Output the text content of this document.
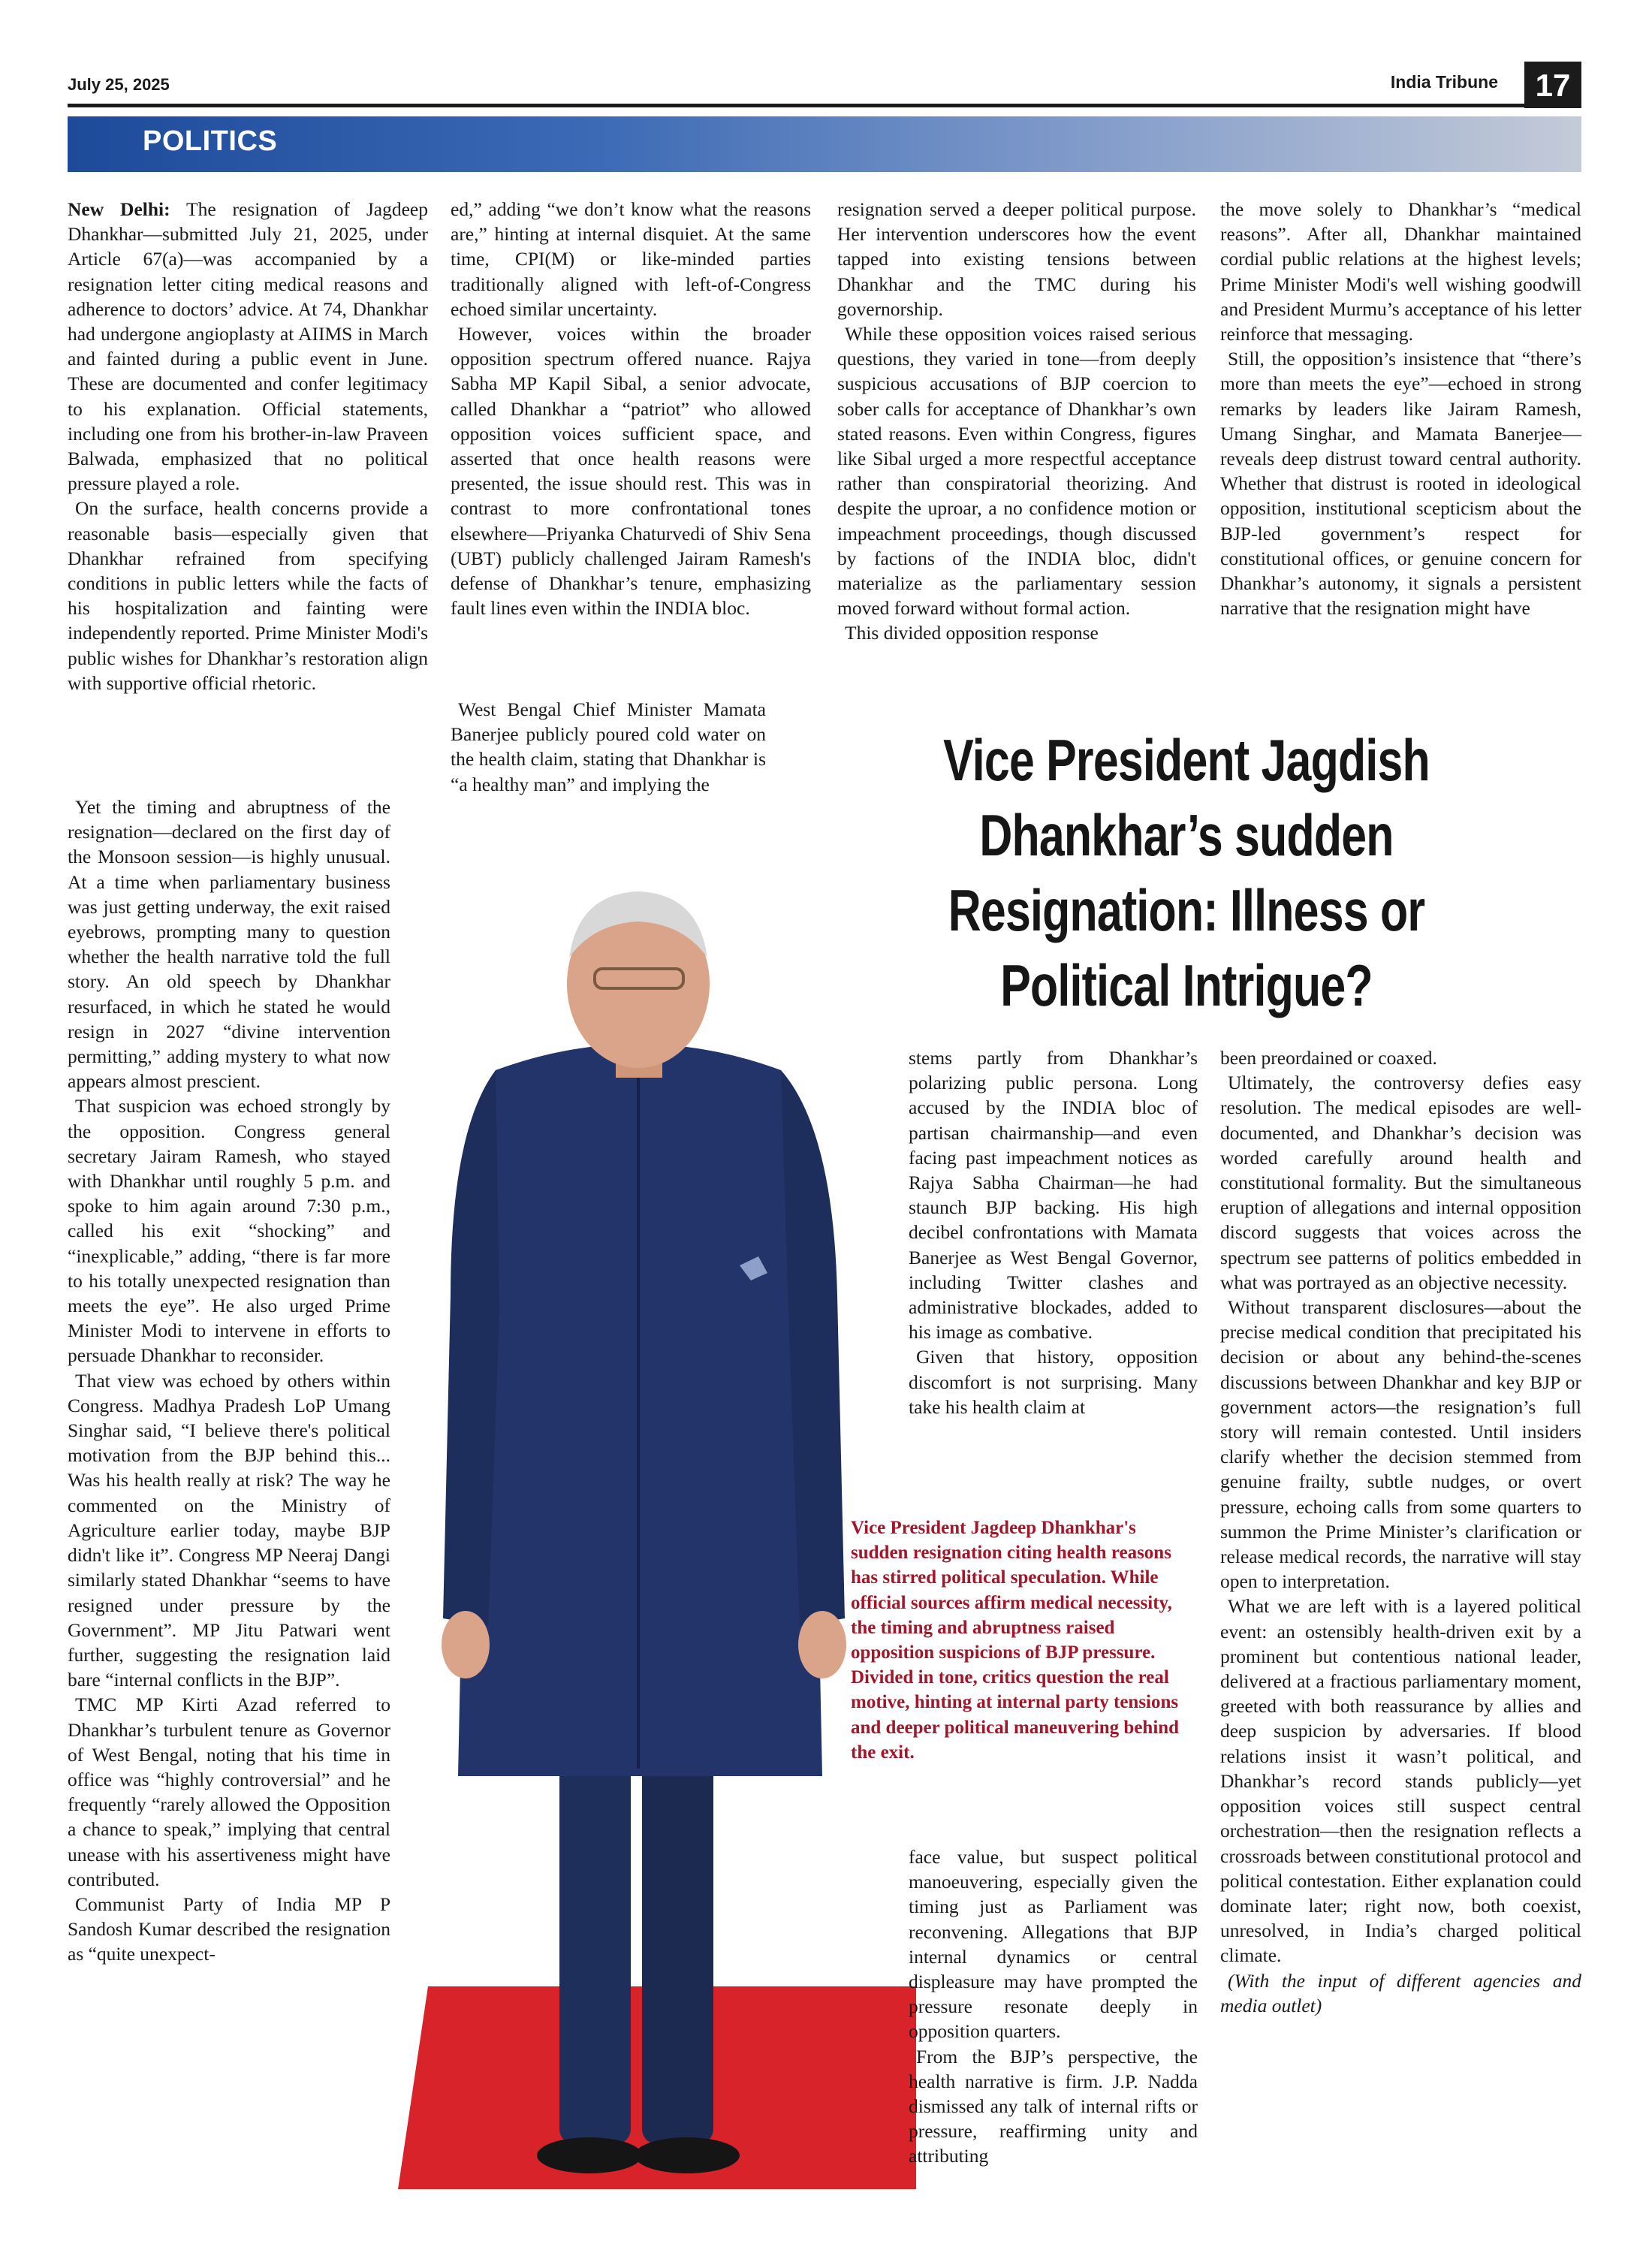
July 25, 2025	India Tribune	17
POLITICS

New Delhi: The resignation of Jagdeep Dhankhar—submitted July 21, 2025, under Article 67(a)—was accompanied by a resignation letter citing medical reasons and adherence to doctors’ advice. At 74, Dhankhar had undergone angioplasty at AIIMS in March and fainted during a public event in June. These are documented and confer legitimacy to his explanation. Official statements, including one from his brother-in-law Praveen Balwada, emphasized that no political pressure played a role.

On the surface, health concerns provide a reasonable basis—especially given that Dhankhar refrained from specifying conditions in public letters while the facts of his hospitalization and fainting were independently reported. Prime Minister Modi's public wishes for Dhankhar’s restoration align with supportive official rhetoric.

Yet the timing and abruptness of the resignation—declared on the first day of the Monsoon session—is highly unusual. At a time when parliamentary business was just getting underway, the exit raised eyebrows, prompting many to question whether the health narrative told the full story. An old speech by Dhankhar resurfaced, in which he stated he would resign in 2027 “divine intervention permitting,” adding mystery to what now appears almost prescient.

That suspicion was echoed strongly by the opposition. Congress general secretary Jairam Ramesh, who stayed with Dhankhar until roughly 5 p.m. and spoke to him again around 7:30 p.m., called his exit “shocking” and “inexplicable,” adding, “there is far more to his totally unexpected resignation than meets the eye”. He also urged Prime Minister Modi to intervene in efforts to persuade Dhankhar to reconsider.

That view was echoed by others within Congress. Madhya Pradesh LoP Umang Singhar said, “I believe there's political motivation from the BJP behind this... Was his health really at risk? The way he commented on the Ministry of Agriculture earlier today, maybe BJP didn't like it”. Congress MP Neeraj Dangi similarly stated Dhankhar “seems to have resigned under pressure by the Government”. MP Jitu Patwari went further, suggesting the resignation laid bare “internal conflicts in the BJP”.

TMC MP Kirti Azad referred to Dhankhar’s turbulent tenure as Governor of West Bengal, noting that his time in office was “highly controversial” and he frequently “rarely allowed the Opposition a chance to speak,” implying that central unease with his assertiveness might have contributed.

Communist Party of India MP P Sandosh Kumar described the resignation as “quite unexpect-

ed,” adding “we don’t know what the reasons are,” hinting at internal disquiet. At the same time, CPI(M) or like-minded parties traditionally aligned with left-of-Congress echoed similar uncertainty.

However, voices within the broader opposition spectrum offered nuance. Rajya Sabha MP Kapil Sibal, a senior advocate, called Dhankhar a “patriot” who allowed opposition voices sufficient space, and asserted that once health reasons were presented, the issue should rest. This was in contrast to more confrontational tones elsewhere—Priyanka Chaturvedi of Shiv Sena (UBT) publicly challenged Jairam Ramesh's defense of Dhankhar’s tenure, emphasizing fault lines even within the INDIA bloc.

West Bengal Chief Minister Mamata Banerjee publicly poured cold water on the health claim, stating that Dhankhar is “a healthy man” and implying the

resignation served a deeper political purpose. Her intervention underscores how the event tapped into existing tensions between Dhankhar and the TMC during his governorship.

While these opposition voices raised serious questions, they varied in tone—from deeply suspicious accusations of BJP coercion to sober calls for acceptance of Dhankhar’s own stated reasons. Even within Congress, figures like Sibal urged a more respectful acceptance rather than conspiratorial theorizing. And despite the uproar, a no confidence motion or impeachment proceedings, though discussed by factions of the INDIA bloc, didn't materialize as the parliamentary session moved forward without formal action.

This divided opposition response

the move solely to Dhankhar’s “medical reasons”. After all, Dhankhar maintained cordial public relations at the highest levels; Prime Minister Modi's well wishing goodwill and President Murmu’s acceptance of his letter reinforce that messaging.

Still, the opposition’s insistence that “there’s more than meets the eye”—echoed in strong remarks by leaders like Jairam Ramesh, Umang Singhar, and Mamata Banerjee—reveals deep distrust toward central authority. Whether that distrust is rooted in ideological opposition, institutional scepticism about the BJP-led government’s respect for constitutional offices, or genuine concern for Dhankhar’s autonomy, it signals a persistent narrative that the resignation might have

Vice President Jagdish Dhankhar’s sudden Resignation: Illness or Political Intrigue?

stems partly from Dhankhar’s polarizing public persona. Long accused by the INDIA bloc of partisan chairmanship—and even facing past impeachment notices as Rajya Sabha Chairman—he had staunch BJP backing. His high decibel confrontations with Mamata Banerjee as West Bengal Governor, including Twitter clashes and administrative blockades, added to his image as combative.

Given that history, opposition discomfort is not surprising. Many take his health claim at

Vice President Jagdeep Dhankhar's sudden resignation citing health reasons has stirred political speculation. While official sources affirm medical necessity, the timing and abruptness raised opposition suspicions of BJP pressure. Divided in tone, critics question the real motive, hinting at internal party tensions and deeper political maneuvering behind the exit.

face value, but suspect political manoeuvering, especially given the timing just as Parliament was reconvening. Allegations that BJP internal dynamics or central displeasure may have prompted the pressure resonate deeply in opposition quarters.

From the BJP’s perspective, the health narrative is firm. J.P. Nadda dismissed any talk of internal rifts or pressure, reaffirming unity and attributing

been preordained or coaxed.

Ultimately, the controversy defies easy resolution. The medical episodes are well-documented, and Dhankhar’s decision was worded carefully around health and constitutional formality. But the simultaneous eruption of allegations and internal opposition discord suggests that voices across the spectrum see patterns of politics embedded in what was portrayed as an objective necessity.

Without transparent disclosures—about the precise medical condition that precipitated his decision or about any behind-the-scenes discussions between Dhankhar and key BJP or government actors—the resignation’s full story will remain contested. Until insiders clarify whether the decision stemmed from genuine frailty, subtle nudges, or overt pressure, echoing calls from some quarters to summon the Prime Minister’s clarification or release medical records, the narrative will stay open to interpretation.

What we are left with is a layered political event: an ostensibly health-driven exit by a prominent but contentious national leader, delivered at a fractious parliamentary moment, greeted with both reassurance by allies and deep suspicion by adversaries. If blood relations insist it wasn’t political, and Dhankhar’s record stands publicly—yet opposition voices still suspect central orchestration—then the resignation reflects a crossroads between constitutional protocol and political contestation. Either explanation could dominate later; right now, both coexist, unresolved, in India’s charged political climate.

(With the input of different agencies and media outlet)
